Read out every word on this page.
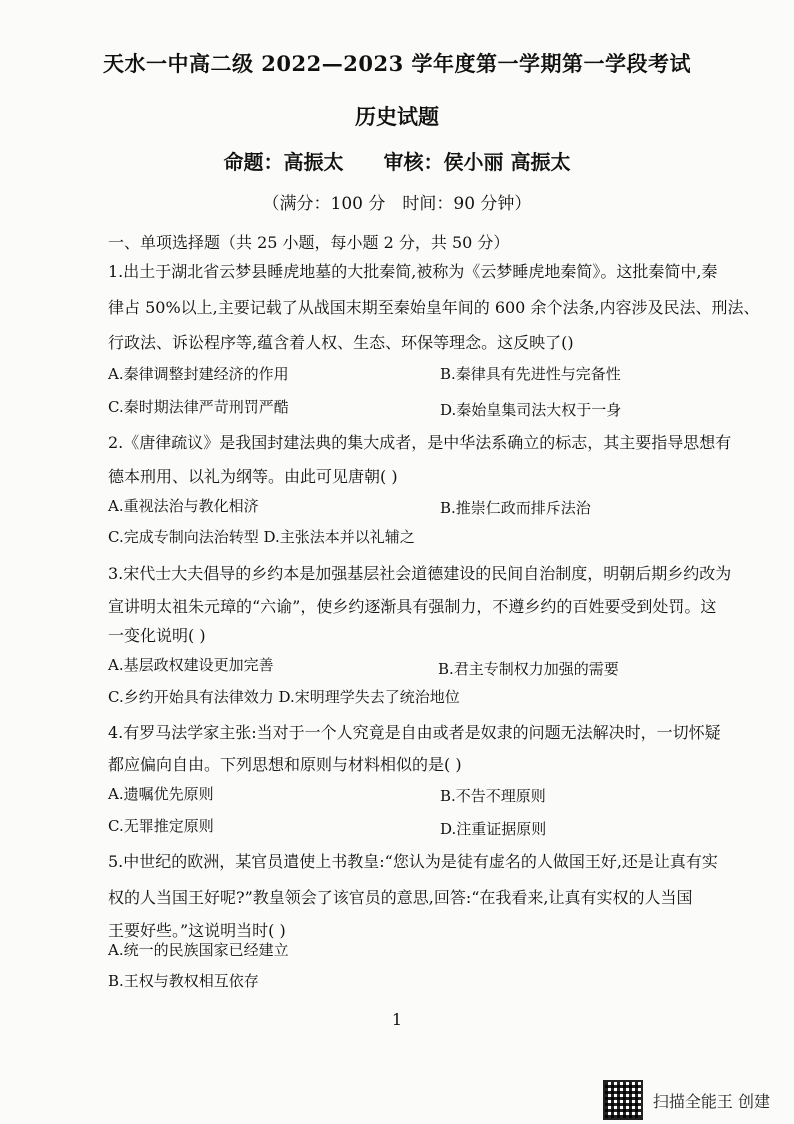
天水一中高二级 2022—2023 学年度第一学期第一学段考试
历史试题
命题：高振太　　审核：侯小丽 高振太
（满分：100 分　时间：90 分钟）
一、单项选择题（共 25 小题，每小题 2 分，共 50 分）
1.出土于湖北省云梦县睡虎地墓的大批秦简,被称为《云梦睡虎地秦简》。这批秦简中,秦
律占 50%以上,主要记载了从战国末期至秦始皇年间的 600 余个法条,内容涉及民法、刑法、
行政法、诉讼程序等,蕴含着人权、生态、环保等理念。这反映了()
A.秦律调整封建经济的作用	B.秦律具有先进性与完备性
C.秦时期法律严苛刑罚严酷	D.秦始皇集司法大权于一身
2.《唐律疏议》是我国封建法典的集大成者，是中华法系确立的标志，其主要指导思想有
德本刑用、以礼为纲等。由此可见唐朝( )
A.重视法治与教化相济	B.推崇仁政而排斥法治
C.完成专制向法治转型 D.主张法本并以礼辅之
3.宋代士大夫倡导的乡约本是加强基层社会道德建设的民间自治制度，明朝后期乡约改为
宣讲明太祖朱元璋的“六谕”，使乡约逐渐具有强制力，不遵乡约的百姓要受到处罚。这
一变化说明( )
A.基层政权建设更加完善	B.君主专制权力加强的需要
C.乡约开始具有法律效力 D.宋明理学失去了统治地位
4.有罗马法学家主张:当对于一个人究竟是自由或者是奴隶的问题无法解决时，一切怀疑
都应偏向自由。下列思想和原则与材料相似的是( )
A.遗嘱优先原则	B.不告不理原则
C.无罪推定原则	D.注重证据原则
5.中世纪的欧洲，某官员遣使上书教皇:“您认为是徒有虚名的人做国王好,还是让真有实
权的人当国王好呢?”教皇领会了该官员的意思,回答:“在我看来,让真有实权的人当国
王要好些。”这说明当时( )
A.统一的民族国家已经建立
B.王权与教权相互依存
1
扫描全能王 创建
